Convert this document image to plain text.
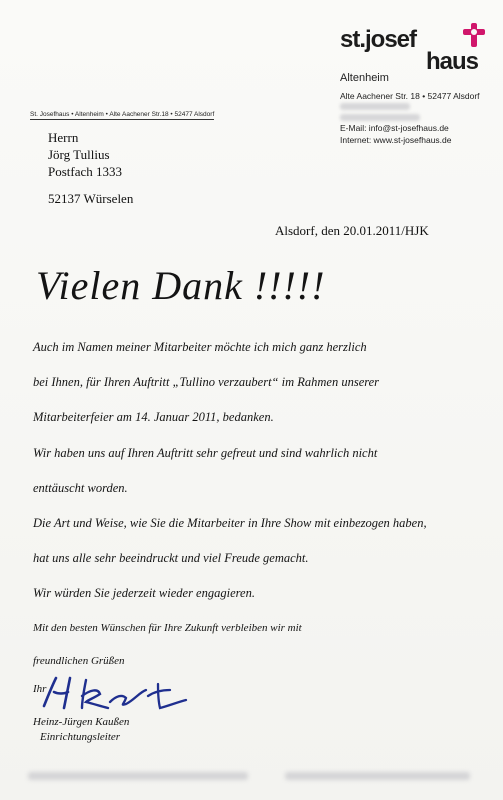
st.josef
haus
Altenheim
Alte Aachener Str. 18 • 52477 Alsdorf
E-Mail: info@st-josefhaus.de
Internet: www.st-josefhaus.de
St. Josefhaus • Altenheim • Alte Aachener Str.18 • 52477 Alsdorf
Herrn
Jörg Tullius
Postfach 1333
52137 Würselen
Alsdorf, den 20.01.2011/HJK
Vielen Dank !!!!!
Auch im Namen meiner Mitarbeiter möchte ich mich ganz herzlich
bei Ihnen, für Ihren Auftritt „Tullino verzaubert“ im Rahmen unserer
Mitarbeiterfeier am 14. Januar 2011, bedanken.
Wir haben uns auf Ihren Auftritt sehr gefreut und sind wahrlich nicht
enttäuscht worden.
Die Art und Weise, wie Sie die Mitarbeiter in Ihre Show mit einbezogen haben,
hat uns alle sehr beeindruckt und viel Freude gemacht.
Wir würden Sie jederzeit wieder engagieren.
Mit den besten Wünschen für Ihre Zukunft verbleiben wir mit
freundlichen Grüßen
Ihr
Heinz-Jürgen Kaußen
Einrichtungsleiter
